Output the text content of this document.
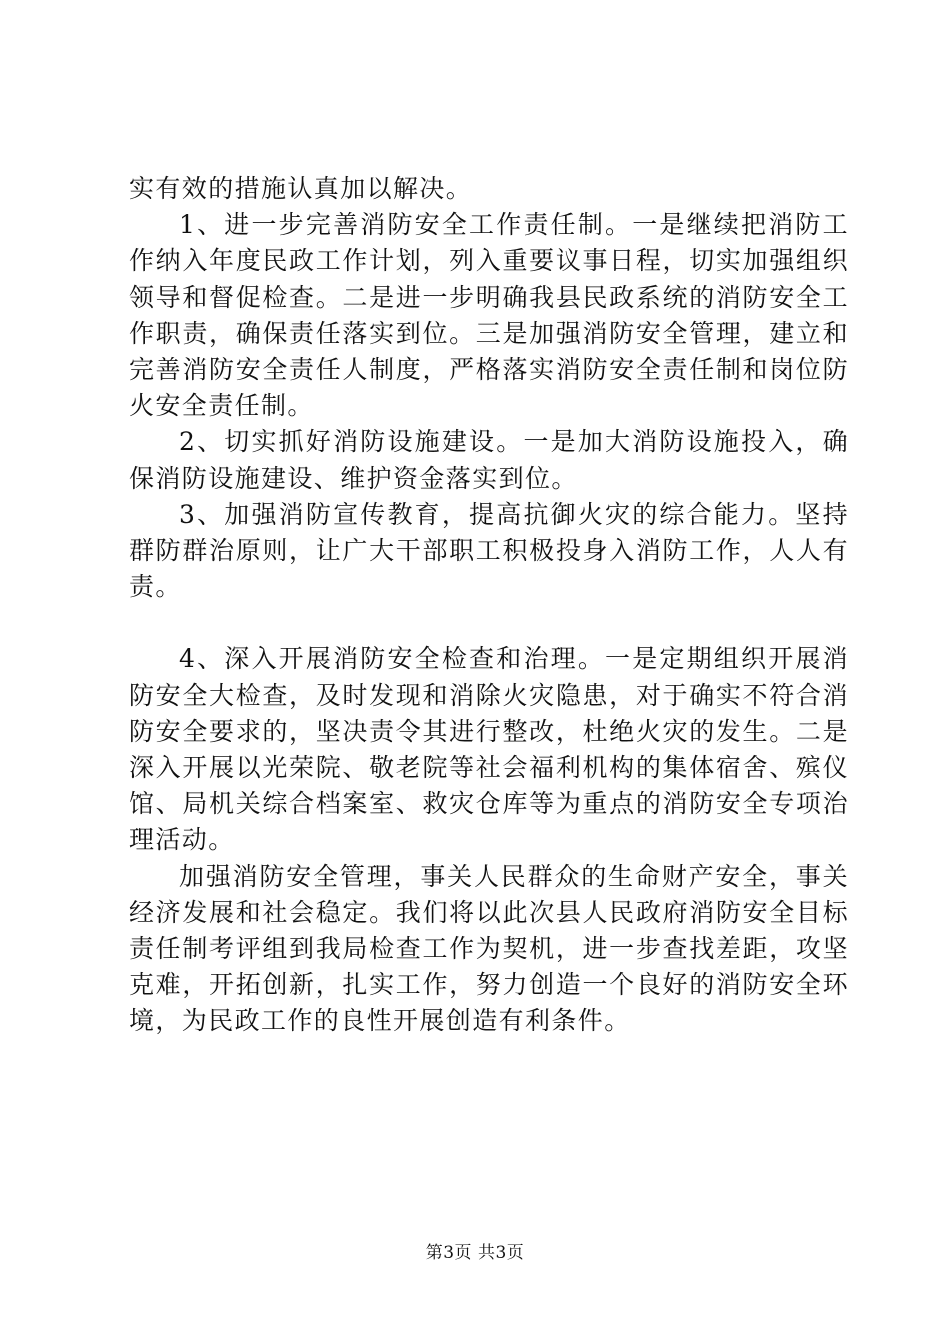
实有效的措施认真加以解决。

1、进一步完善消防安全工作责任制。一是继续把消防工作纳入年度民政工作计划，列入重要议事日程，切实加强组织领导和督促检查。二是进一步明确我县民政系统的消防安全工作职责，确保责任落实到位。三是加强消防安全管理，建立和完善消防安全责任人制度，严格落实消防安全责任制和岗位防火安全责任制。

2、切实抓好消防设施建设。一是加大消防设施投入，确保消防设施建设、维护资金落实到位。

3、加强消防宣传教育，提高抗御火灾的综合能力。坚持群防群治原则，让广大干部职工积极投身入消防工作，人人有责。

4、深入开展消防安全检查和治理。一是定期组织开展消防安全大检查，及时发现和消除火灾隐患，对于确实不符合消防安全要求的，坚决责令其进行整改，杜绝火灾的发生。二是深入开展以光荣院、敬老院等社会福利机构的集体宿舍、殡仪馆、局机关综合档案室、救灾仓库等为重点的消防安全专项治理活动。

加强消防安全管理，事关人民群众的生命财产安全，事关经济发展和社会稳定。我们将以此次县人民政府消防安全目标责任制考评组到我局检查工作为契机，进一步查找差距，攻坚克难，开拓创新，扎实工作，努力创造一个良好的消防安全环境，为民政工作的良性开展创造有利条件。

第3页 共3页
